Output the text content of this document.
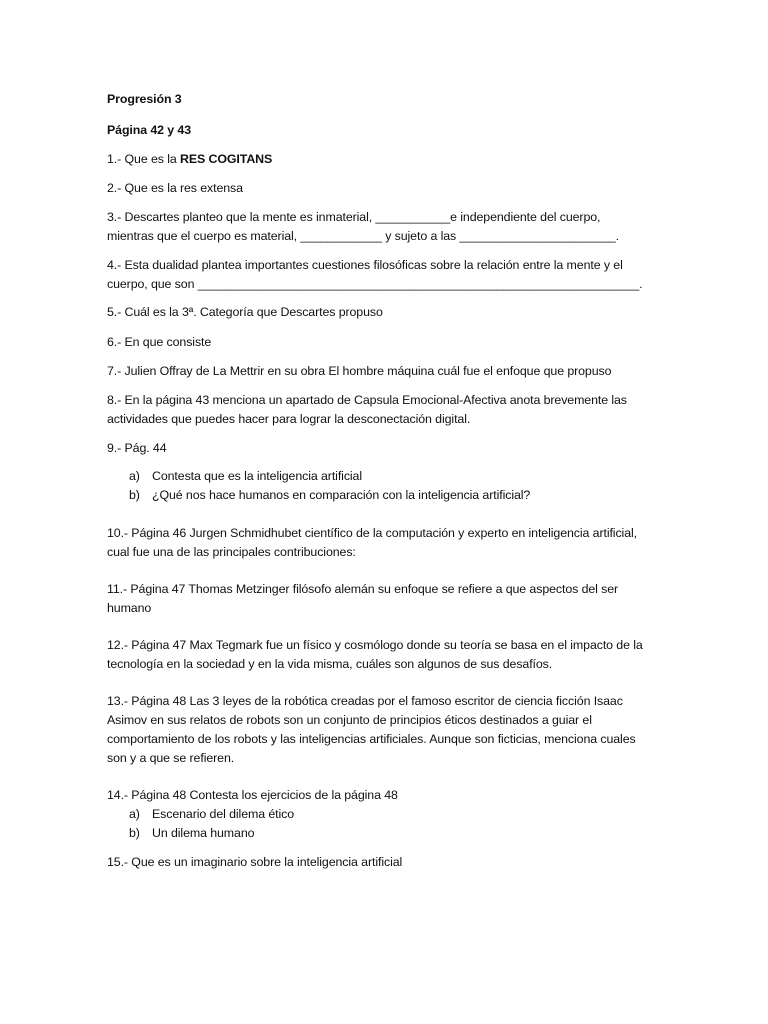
Progresión 3
Página 42 y 43
1.- Que es la RES COGITANS
2.- Que es la res extensa
3.- Descartes planteo que la mente es inmaterial, ___________e independiente del cuerpo,
mientras que el cuerpo es material, ____________ y sujeto a las _______________________.
4.- Esta dualidad plantea importantes cuestiones filosóficas sobre la relación entre la mente y el
cuerpo, que son _________________________________________________________________.
5.- Cuál es la 3ª. Categoría que Descartes propuso
6.- En que consiste
7.- Julien Offray de La Mettrir en su obra El hombre máquina cuál fue el enfoque que propuso
8.- En la página 43 menciona un apartado de Capsula Emocional-Afectiva anota brevemente las
actividades que puedes hacer para lograr la desconectación digital.
9.- Pág. 44
a) Contesta que es la inteligencia artificial
b) ¿Qué nos hace humanos en comparación con la inteligencia artificial?
10.- Página 46 Jurgen Schmidhubet científico de la computación y experto en inteligencia artificial,
cual fue una de las principales contribuciones:
11.- Página 47 Thomas Metzinger filósofo alemán su enfoque se refiere a que aspectos del ser
humano
12.- Página 47 Max Tegmark fue un físico y cosmólogo donde su teoría se basa en el impacto de la
tecnología en la sociedad y en la vida misma, cuáles son algunos de sus desafíos.
13.- Página 48 Las 3 leyes de la robótica creadas por el famoso escritor de ciencia ficción Isaac
Asimov en sus relatos de robots son un conjunto de principios éticos destinados a guiar el
comportamiento de los robots y las inteligencias artificiales. Aunque son ficticias, menciona cuales
son y a que se refieren.
14.- Página 48 Contesta los ejercicios de la página 48
a) Escenario del dilema ético
b) Un dilema humano
15.- Que es un imaginario sobre la inteligencia artificial
